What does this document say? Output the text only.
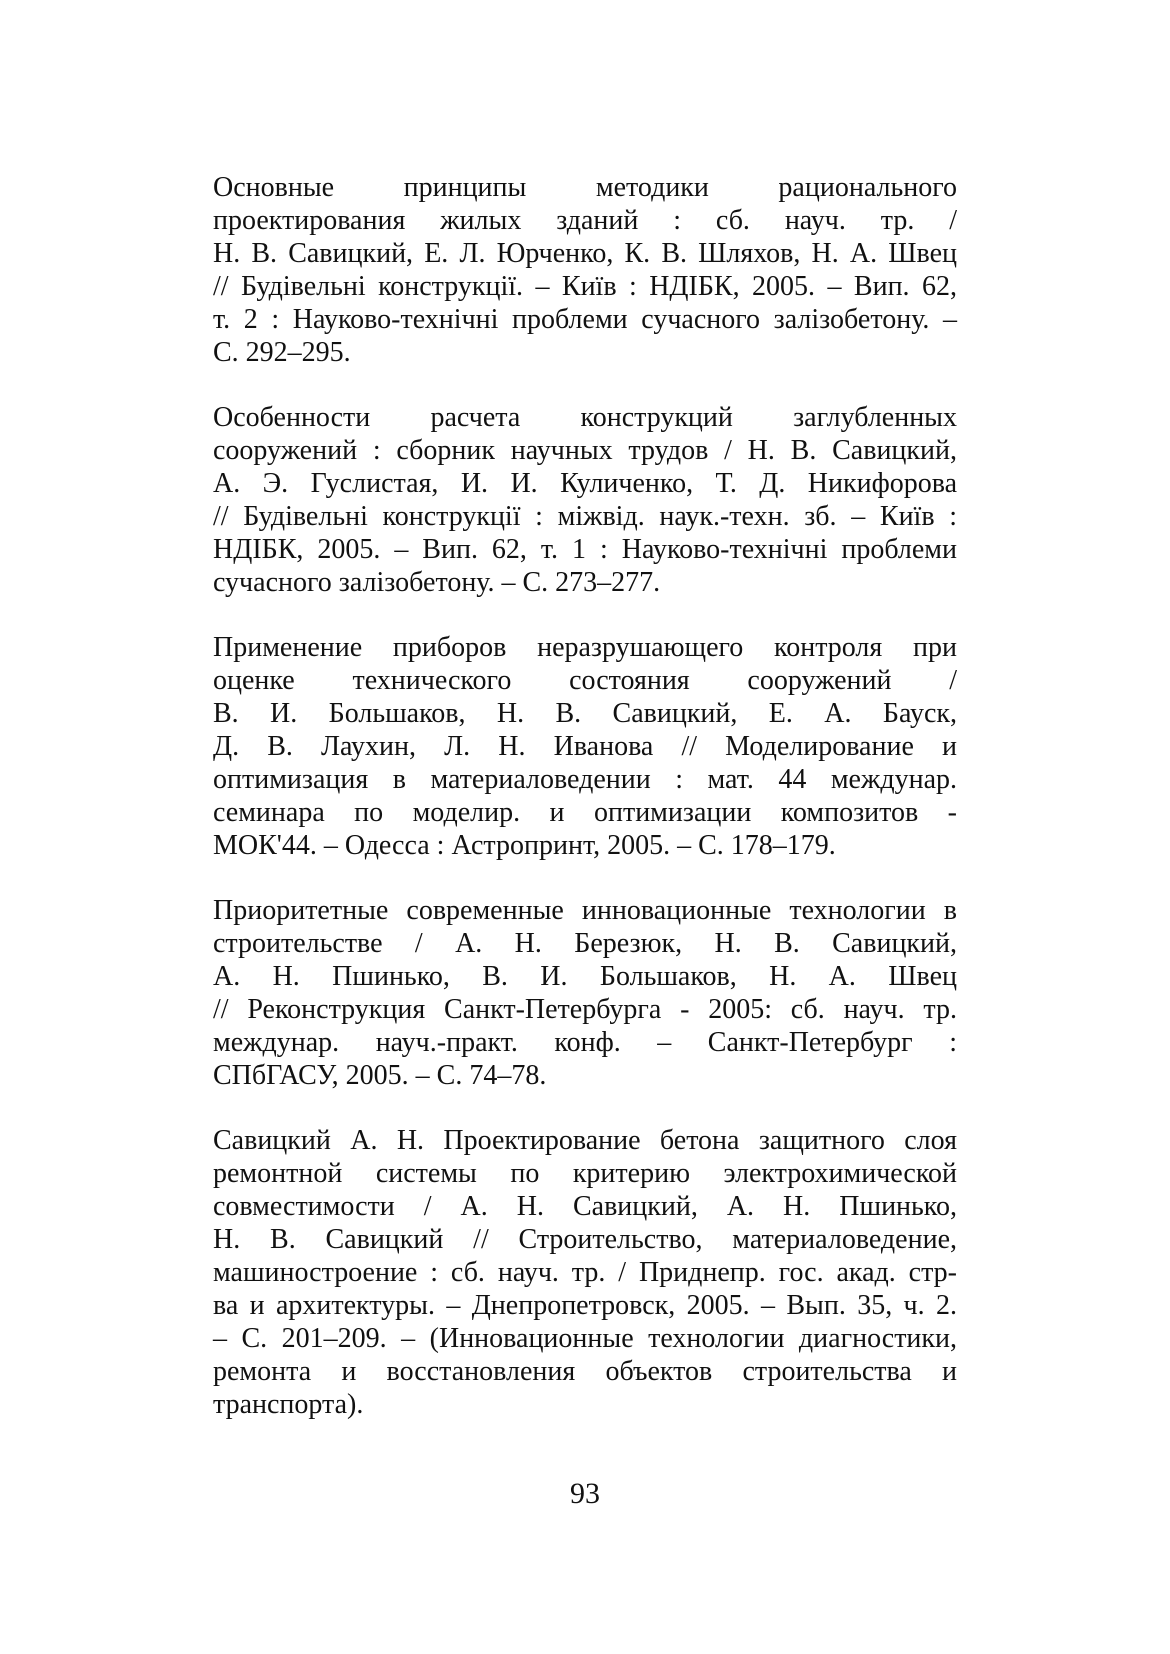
Основные принципы методики рационального
проектирования жилых зданий : сб. науч. тр. /
Н. В. Савицкий, Е. Л. Юрченко, К. В. Шляхов, Н. А. Швец
// Будівельні конструкції. – Київ : НДІБК, 2005. – Вип. 62,
т. 2 : Науково-технічні проблеми сучасного залізобетону. –
С. 292–295.
Особенности расчета конструкций заглубленных
сооружений : сборник научных трудов / Н. В. Савицкий,
А. Э. Гуслистая, И. И. Куличенко, Т. Д. Никифорова
// Будівельні конструкції : міжвід. наук.-техн. зб. – Київ :
НДІБК, 2005. – Вип. 62, т. 1 : Науково-технічні проблеми
сучасного залізобетону. – С. 273–277.
Применение приборов неразрушающего контроля при
оценке технического состояния сооружений /
В. И. Большаков, Н. В. Савицкий, Е. А. Бауск,
Д. В. Лаухин, Л. Н. Иванова // Моделирование и
оптимизация в материаловедении : мат. 44 междунар.
семинара по моделир. и оптимизации композитов -
МОК'44. – Одесса : Астропринт, 2005. – С. 178–179.
Приоритетные современные инновационные технологии в
строительстве / А. Н. Березюк, Н. В. Савицкий,
А. Н. Пшинько, В. И. Большаков, Н. А. Швец
// Реконструкция Санкт-Петербурга - 2005: сб. науч. тр.
междунар. науч.-практ. конф. – Санкт-Петербург :
СПбГАСУ, 2005. – С. 74–78.
Савицкий А. Н. Проектирование бетона защитного слоя
ремонтной системы по критерию электрохимической
совместимости / А. Н. Савицкий, А. Н. Пшинько,
Н. В. Савицкий // Строительство, материаловедение,
машиностроение : сб. науч. тр. / Приднепр. гос. акад. стр-
ва и архитектуры. – Днепропетровск, 2005. – Вып. 35, ч. 2.
– С. 201–209. – (Инновационные технологии диагностики,
ремонта и восстановления объектов строительства и
транспорта).
93
